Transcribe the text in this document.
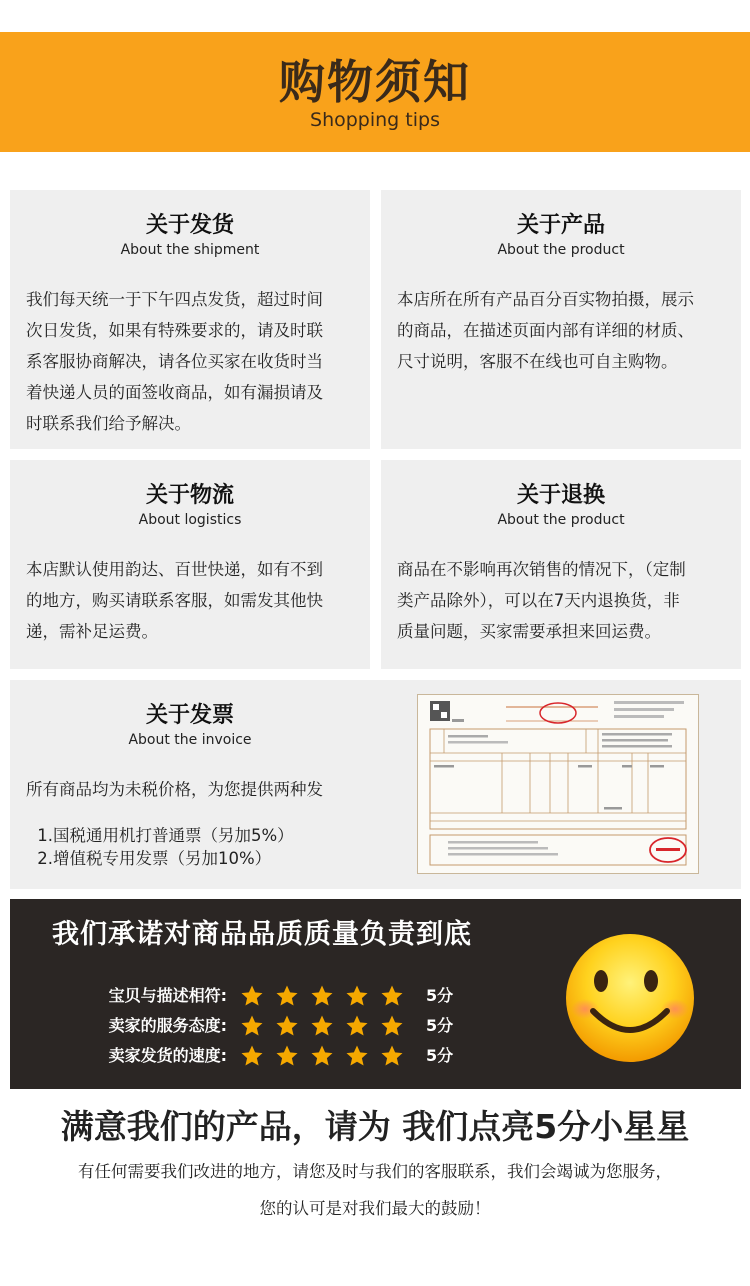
购物须知
Shopping tips
关于发货
About the shipment
我们每天统一于下午四点发货，超过时间
次日发货，如果有特殊要求的，请及时联
系客服协商解决，请各位买家在收货时当
着快递人员的面签收商品，如有漏损请及
时联系我们给予解决。
关于产品
About the product
本店所在所有产品百分百实物拍摄，展示
的商品，在描述页面内部有详细的材质、
尺寸说明，客服不在线也可自主购物。
关于物流
About logistics
本店默认使用韵达、百世快递，如有不到
的地方，购买请联系客服，如需发其他快
递，需补足运费。
关于退换
About the product
商品在不影响再次销售的情况下，（定制
类产品除外），可以在7天内退换货，非
质量问题，买家需要承担来回运费。
关于发票
About the invoice
所有商品均为未税价格，为您提供两种发
1.国税通用机打普通票（另加5%）
2.增值税专用发票（另加10%）
我们承诺对商品品质质量负责到底
宝贝与描述相符:	5分
卖家的服务态度:	5分
卖家发货的速度:	5分
满意我们的产品，请为 我们点亮5分小星星
有任何需要我们改进的地方，请您及时与我们的客服联系，我们会竭诚为您服务，
您的认可是对我们最大的鼓励！
